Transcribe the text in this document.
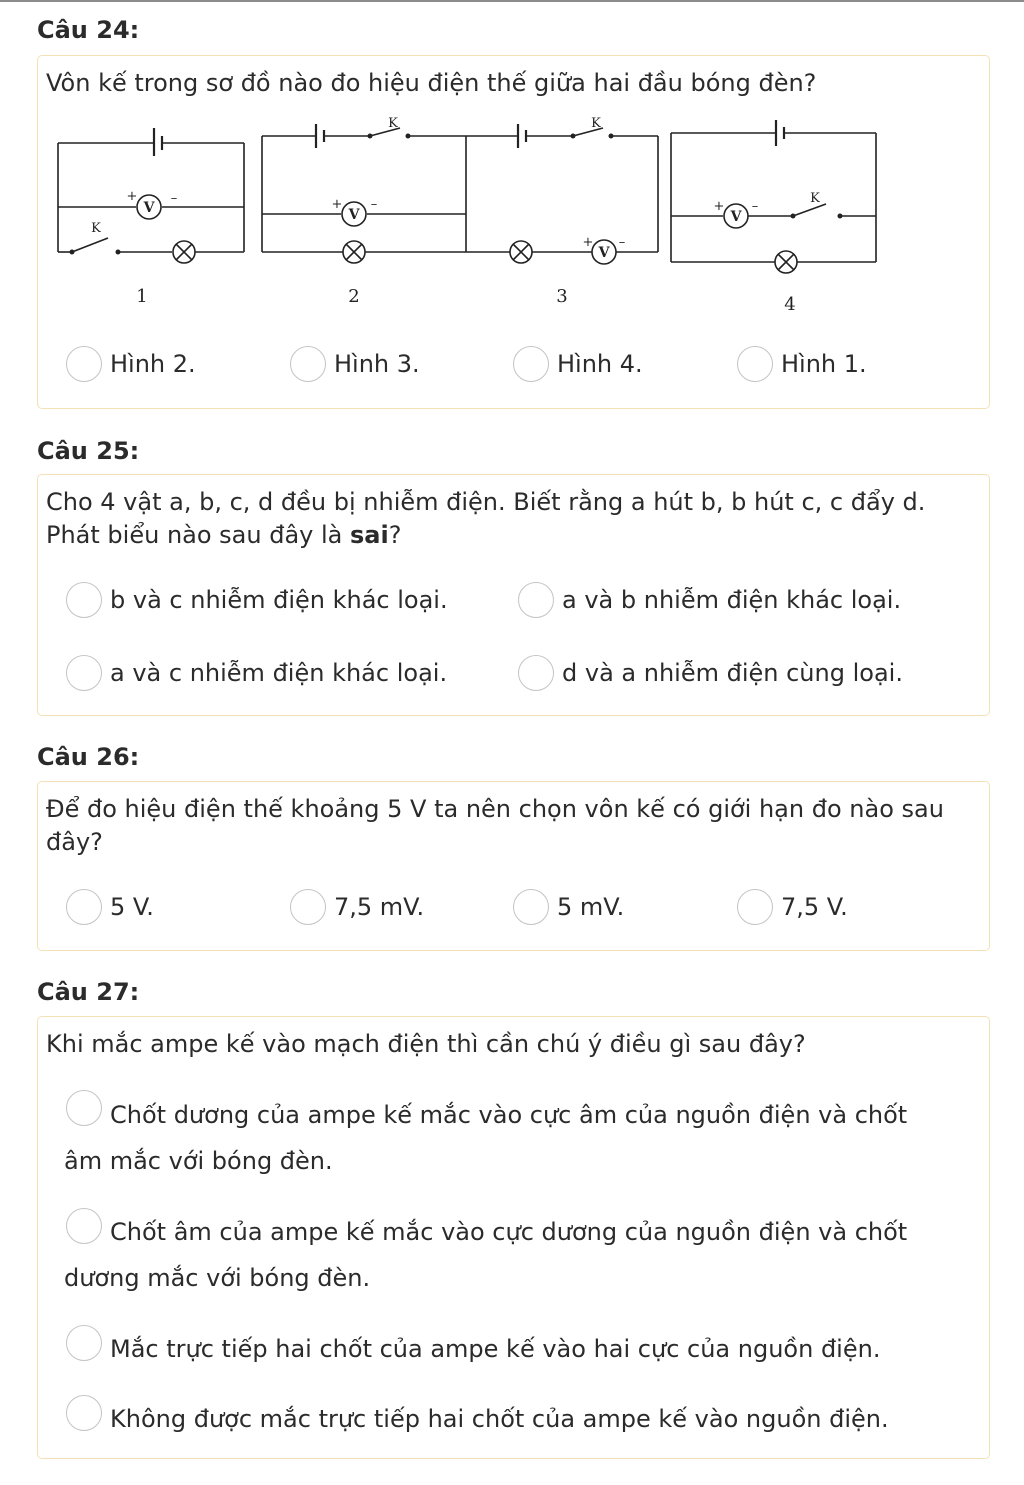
Câu 24:
Vôn kế trong sơ đồ nào đo hiệu điện thế giữa hai đầu bóng đèn?
V	V
V
V
+	–	+ –
+ –
+ –
K
K	K
K
1	2	3	4
Hình 2.	Hình 3.	Hình 4.	Hình 1.
Câu 25:
Cho 4 vật a, b, c, d đều bị nhiễm điện. Biết rằng a hút b, b hút c, c đẩy d. Phát biểu nào sau đây là sai?
b và c nhiễm điện khác loại.	a và b nhiễm điện khác loại.
a và c nhiễm điện khác loại.	d và a nhiễm điện cùng loại.
Câu 26:
Để đo hiệu điện thế khoảng 5 V ta nên chọn vôn kế có giới hạn đo nào sau đây?
5 V.	7,5 mV.	5 mV.	7,5 V.
Câu 27:
Khi mắc ampe kế vào mạch điện thì cần chú ý điều gì sau đây?
Chốt dương của ampe kế mắc vào cực âm của nguồn điện và chốt âm mắc với bóng đèn.
Chốt âm của ampe kế mắc vào cực dương của nguồn điện và chốt dương mắc với bóng đèn.
Mắc trực tiếp hai chốt của ampe kế vào hai cực của nguồn điện.
Không được mắc trực tiếp hai chốt của ampe kế vào nguồn điện.
